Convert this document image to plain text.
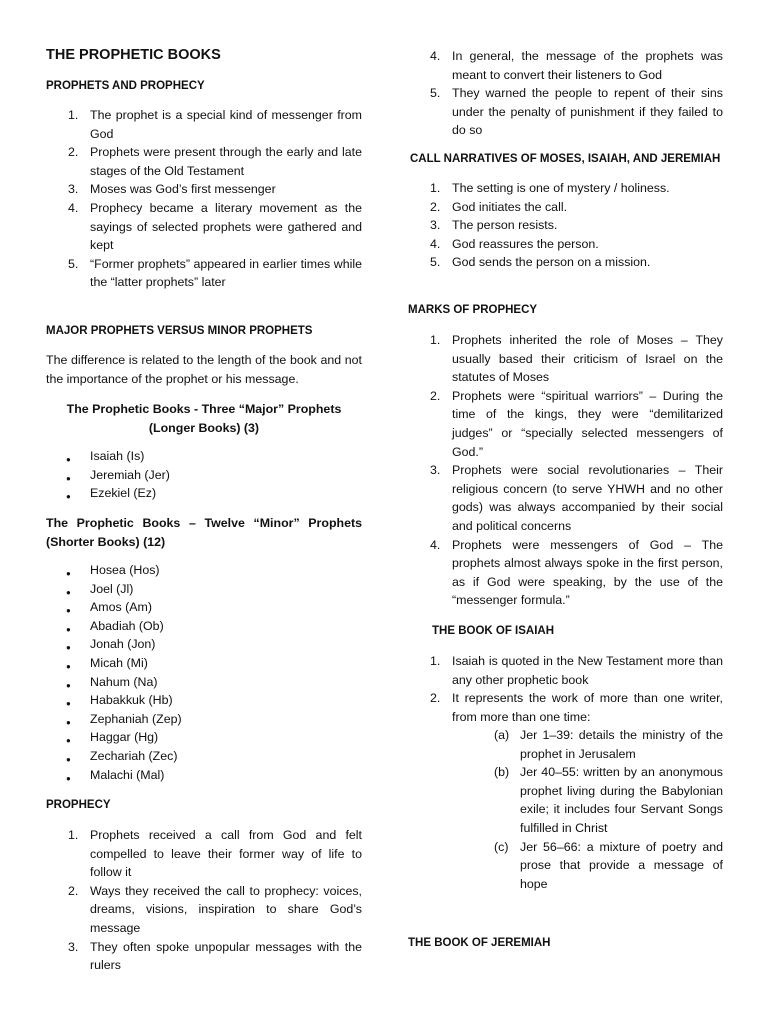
THE PROPHETIC BOOKS
PROPHETS AND PROPHECY
1. The prophet is a special kind of messenger from God
2. Prophets were present through the early and late stages of the Old Testament
3. Moses was God’s first messenger
4. Prophecy became a literary movement as the sayings of selected prophets were gathered and kept
5. “Former prophets” appeared in earlier times while the “latter prophets” later
MAJOR PROPHETS VERSUS MINOR PROPHETS
The difference is related to the length of the book and not the importance of the prophet or his message.
The Prophetic Books - Three “Major” Prophets (Longer Books) (3)
● Isaiah (Is)
● Jeremiah (Jer)
● Ezekiel (Ez)
The Prophetic Books – Twelve “Minor” Prophets (Shorter Books) (12)
● Hosea (Hos)
● Joel (Jl)
● Amos (Am)
● Abadiah (Ob)
● Jonah (Jon)
● Micah (Mi)
● Nahum (Na)
● Habakkuk (Hb)
● Zephaniah (Zep)
● Haggar (Hg)
● Zechariah (Zec)
● Malachi (Mal)
PROPHECY
1. Prophets received a call from God and felt compelled to leave their former way of life to follow it
2. Ways they received the call to prophecy: voices, dreams, visions, inspiration to share God’s message
3. They often spoke unpopular messages with the rulers
4. In general, the message of the prophets was meant to convert their listeners to God
5. They warned the people to repent of their sins under the penalty of punishment if they failed to do so
CALL NARRATIVES OF MOSES, ISAIAH, AND JEREMIAH
1. The setting is one of mystery / holiness.
2. God initiates the call.
3. The person resists.
4. God reassures the person.
5. God sends the person on a mission.
MARKS OF PROPHECY
1. Prophets inherited the role of Moses – They usually based their criticism of Israel on the statutes of Moses
2. Prophets were “spiritual warriors” – During the time of the kings, they were “demilitarized judges” or “specially selected messengers of God.”
3. Prophets were social revolutionaries – Their religious concern (to serve YHWH and no other gods) was always accompanied by their social and political concerns
4. Prophets were messengers of God – The prophets almost always spoke in the first person, as if God were speaking, by the use of the “messenger formula.”
THE BOOK OF ISAIAH
1. Isaiah is quoted in the New Testament more than any other prophetic book
2. It represents the work of more than one writer, from more than one time:
(a) Jer 1–39: details the ministry of the prophet in Jerusalem
(b) Jer 40–55: written by an anonymous prophet living during the Babylonian exile; it includes four Servant Songs fulfilled in Christ
(c) Jer 56–66: a mixture of poetry and prose that provide a message of hope
THE BOOK OF JEREMIAH
